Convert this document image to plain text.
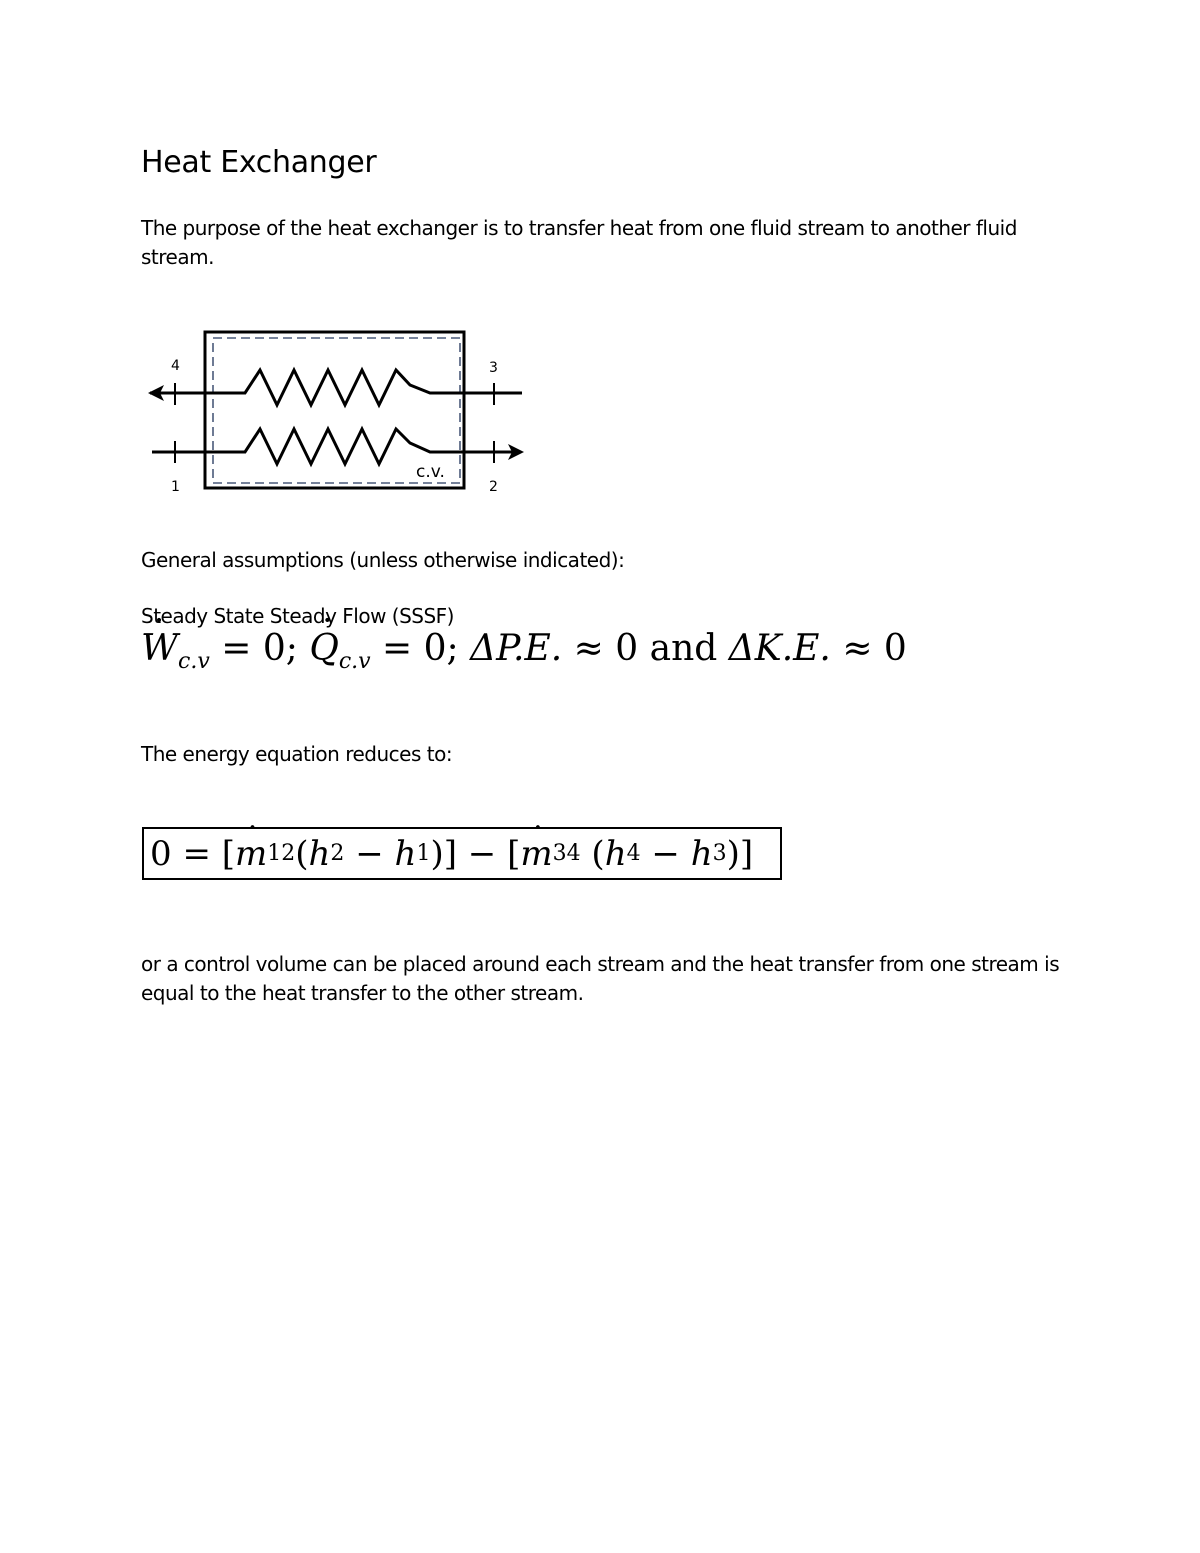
Heat Exchanger
The purpose of the heat exchanger is to transfer heat from one fluid stream to another fluid stream.
4	3
1	2
c.v.
General assumptions (unless otherwise indicated):
Steady State Steady Flow (SSSF)
˙ $W_{c.v} = 0$; ˙ $Q_{c.v} = 0$; ΔP.E. ≈ 0 and ΔK.E. ≈ 0
The energy equation reduces to:
0 = [ ˙ m 12 ( h 2
−
h 1 )] − [ ˙ m 34
( h 4
−
h 3 )]
or a control volume can be placed around each stream and the heat transfer from one stream is equal to the heat transfer to the other stream.
